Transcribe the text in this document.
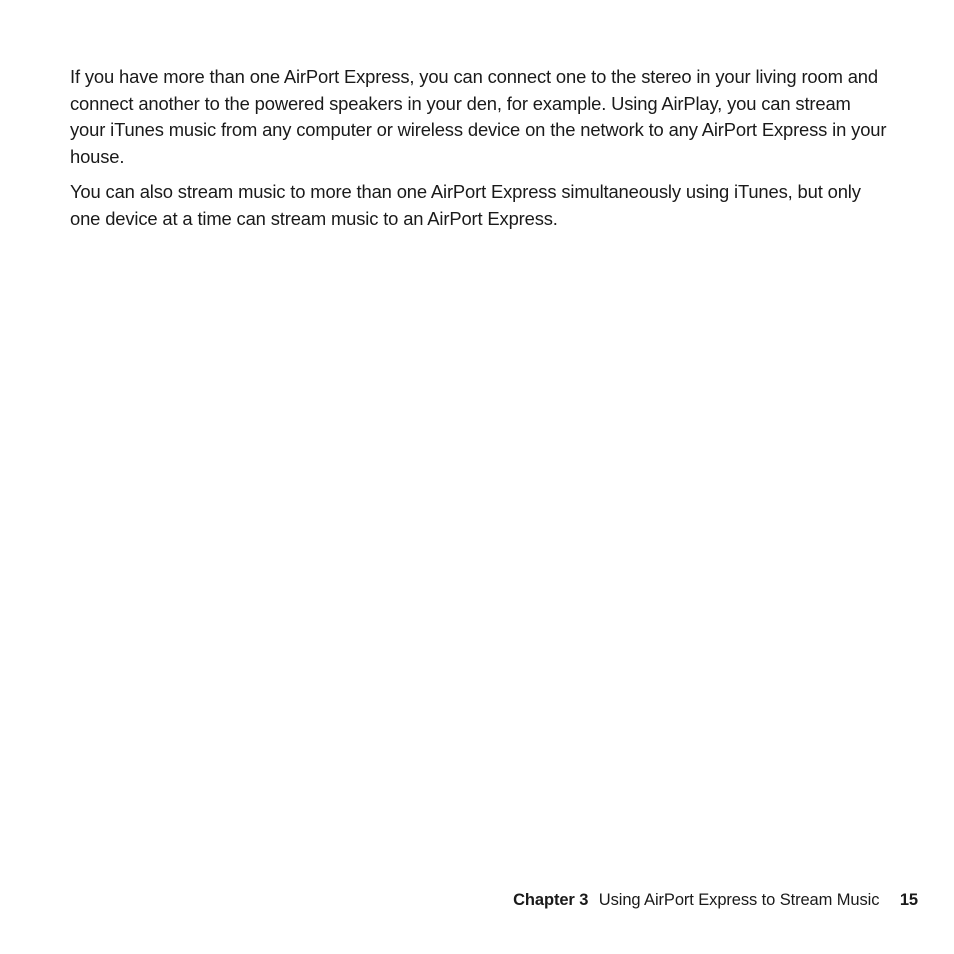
If you have more than one AirPort Express, you can connect one to the stereo in your living room and connect another to the powered speakers in your den, for example. Using AirPlay, you can stream your iTunes music from any computer or wireless device on the network to any AirPort Express in your house.

You can also stream music to more than one AirPort Express simultaneously using iTunes, but only one device at a time can stream music to an AirPort Express.

Chapter 3 Using AirPort Express to Stream Music 15
